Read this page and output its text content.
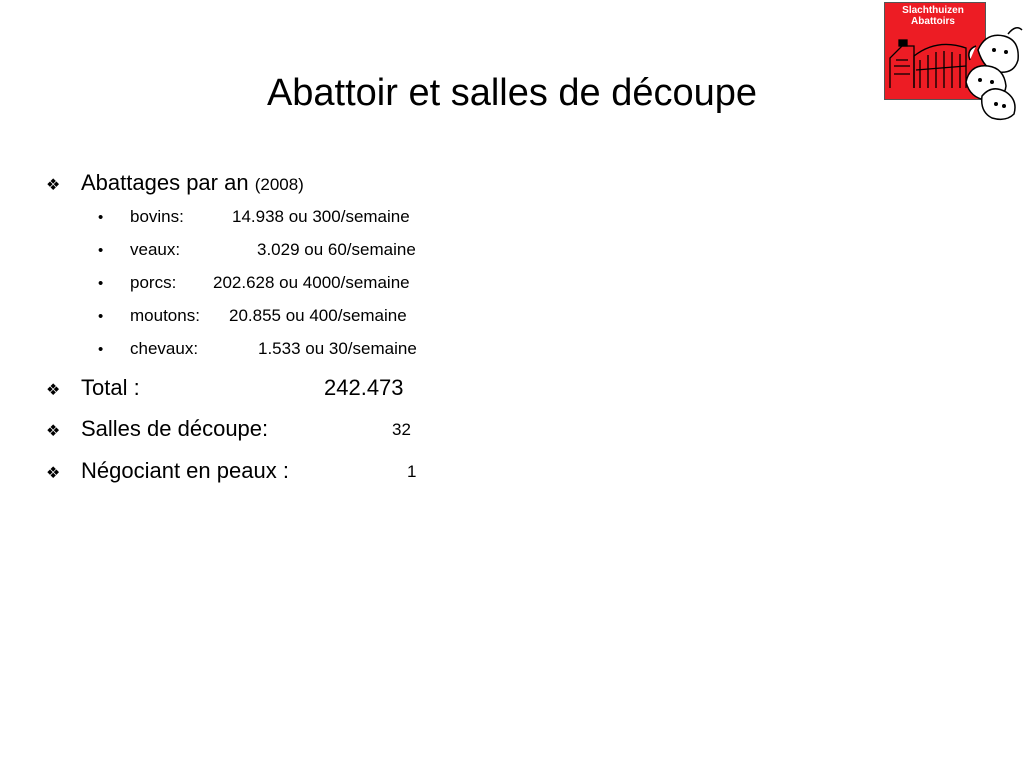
Abattoir et salles de découpe
Slachthuizen
Abattoirs
❖ Abattages par an
(2008)
•	bovins:	14.938 ou 300/semaine
•	veaux:	3.029 ou 60/semaine
•	porcs:	202.628 ou 4000/semaine
•	moutons:	20.855 ou 400/semaine
•	chevaux:	1.533 ou 30/semaine
❖ Total :	242.473
❖ Salles de découpe:	32
❖ Négociant en peaux :	1
